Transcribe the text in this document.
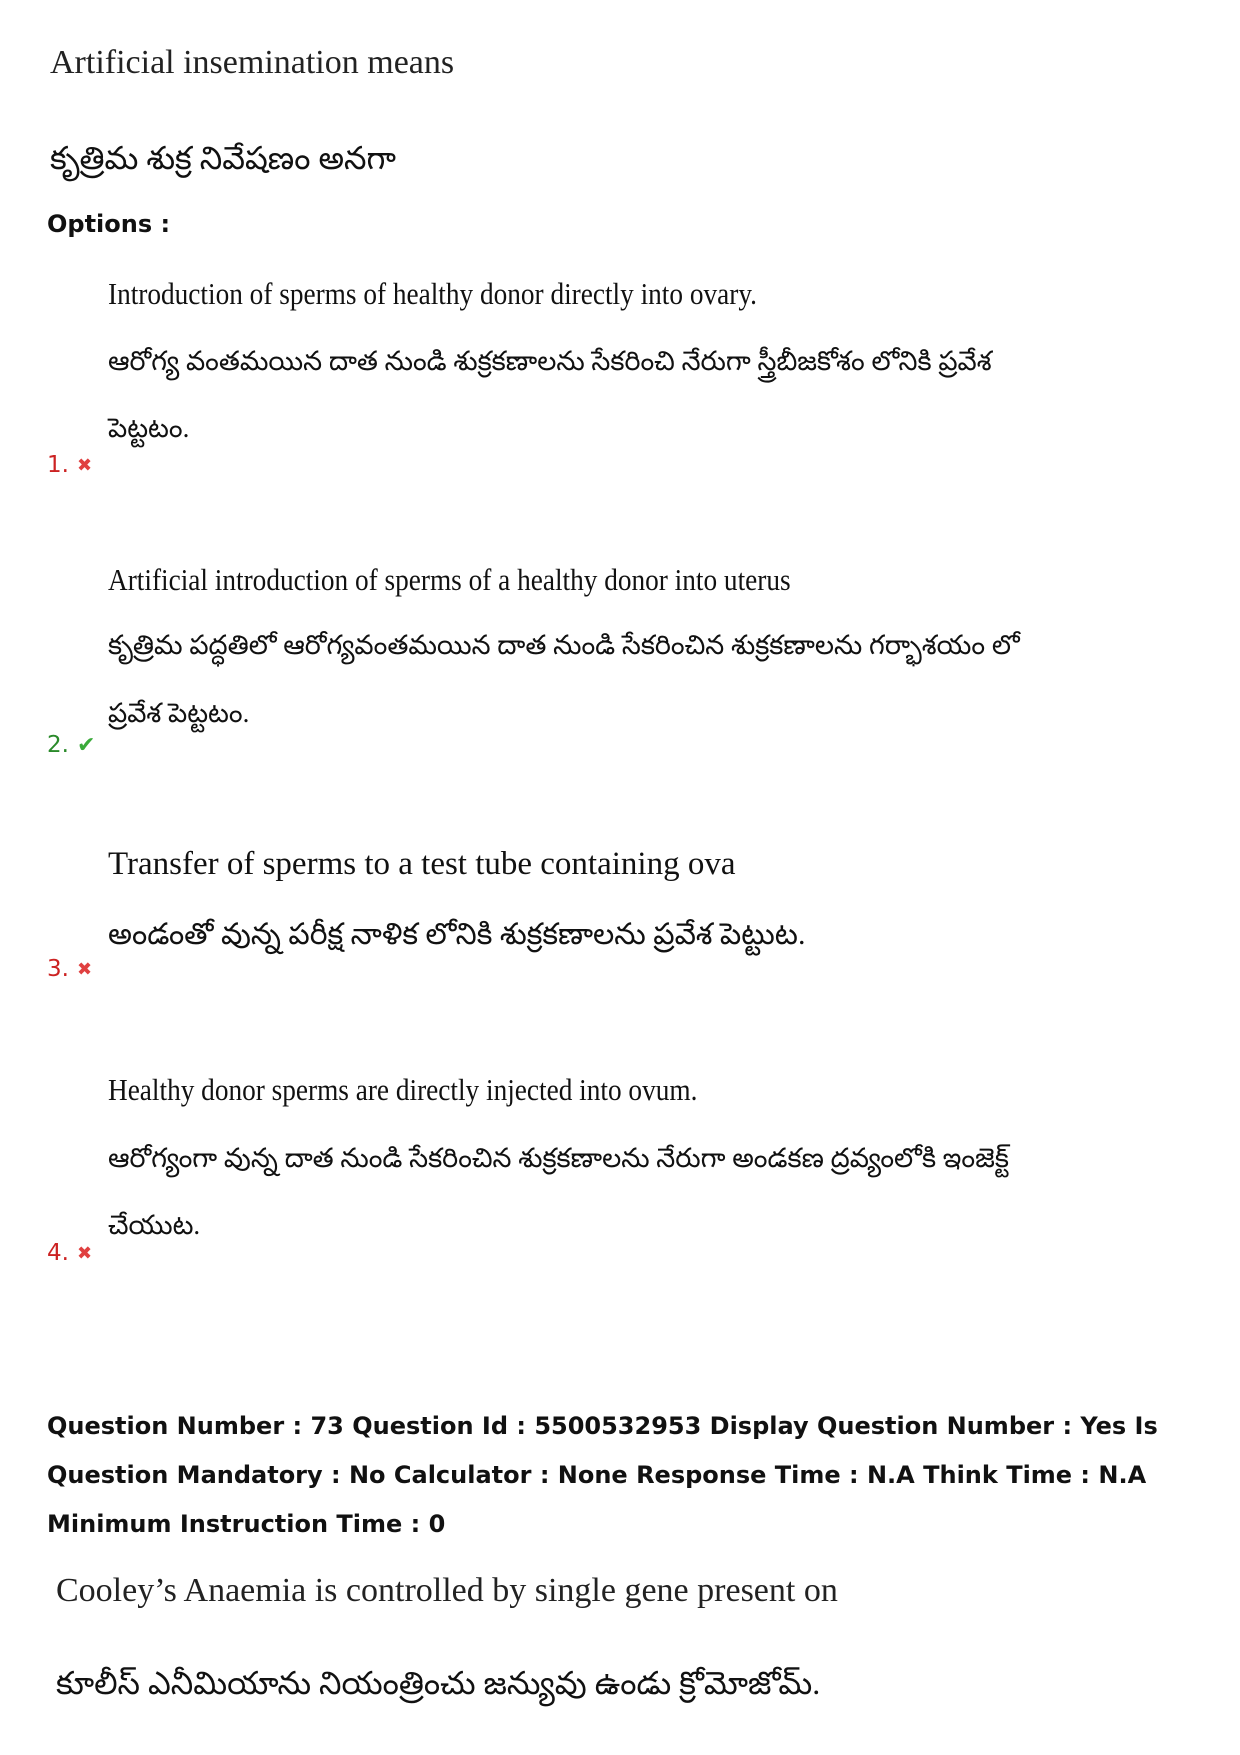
Artificial insemination means
కృత్రిమ శుక్ర నివేషణం అనగా
Options :
Introduction of sperms of healthy donor directly into ovary.
ఆరోగ్య వంతమయిన దాత నుండి శుక్రకణాలను సేకరించి నేరుగా స్త్రీబీజకోశం లోనికి ప్రవేశ
పెట్టటం.
1. ✖
Artificial introduction of sperms of a healthy donor into uterus
కృత్రిమ పద్ధతిలో ఆరోగ్యవంతమయిన దాత నుండి సేకరించిన శుక్రకణాలను గర్భాశయం లో
ప్రవేశ పెట్టటం.
2. ✔
Transfer of sperms to a test tube containing ova
అండంతో వున్న పరీక్ష నాళిక లోనికి శుక్రకణాలను ప్రవేశ పెట్టుట.
3. ✖
Healthy donor sperms are directly injected into ovum.
ఆరోగ్యంగా వున్న దాత నుండి సేకరించిన శుక్రకణాలను నేరుగా అండకణ ద్రవ్యంలోకి ఇంజెక్ట్
చేయుట.
4. ✖
Question Number : 73 Question Id : 5500532953 Display Question Number : Yes Is Question Mandatory : No Calculator : None Response Time : N.A Think Time : N.A Minimum Instruction Time : 0
Cooley’s Anaemia is controlled by single gene present on
కూలీస్ ఎనీమియాను నియంత్రించు జన్యువు ఉండు క్రోమోజోమ్.
